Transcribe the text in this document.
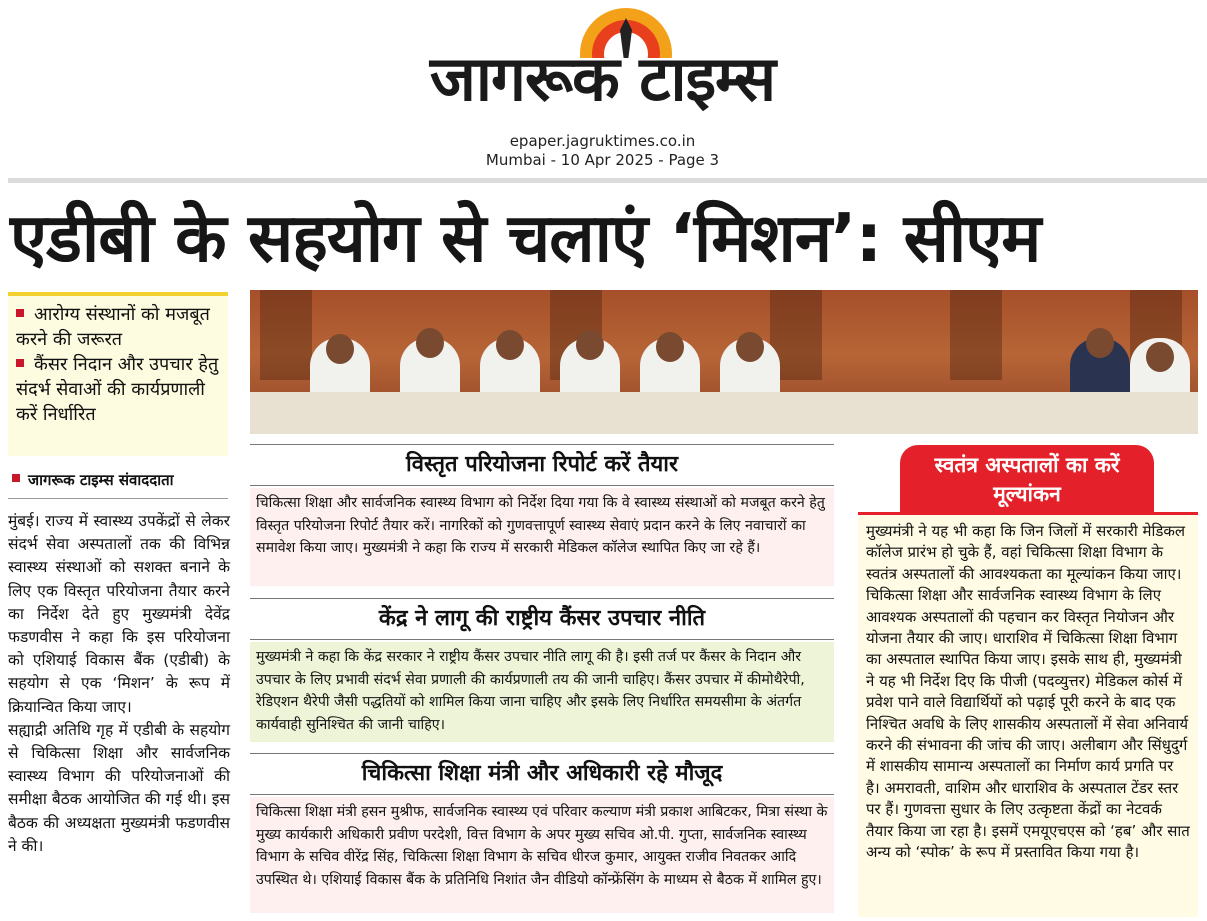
जागरूक टाइम्स
epaper.jagruktimes.co.in
Mumbai - 10 Apr 2025 - Page 3
एडीबी के सहयोग से चलाएं ‘मिशन’: सीएम
आरोग्य संस्थानों को मजबूत करने की जरूरत
कैंसर निदान और उपचार हेतु संदर्भ सेवाओं की कार्यप्रणाली करें निर्धारित
जागरूक टाइम्स संवाददाता

मुंबई। राज्य में स्वास्थ्य उपकेंद्रों से लेकर संदर्भ सेवा अस्पतालों तक की विभिन्न स्वास्थ्य संस्थाओं को सशक्त बनाने के लिए एक विस्तृत परियोजना तैयार करने का निर्देश देते हुए मुख्यमंत्री देवेंद्र फडणवीस ने कहा कि इस परियोजना को एशियाई विकास बैंक (एडीबी) के सहयोग से एक ‘मिशन’ के रूप में क्रियान्वित किया जाए।

सह्याद्री अतिथि गृह में एडीबी के सहयोग से चिकित्सा शिक्षा और सार्वजनिक स्वास्थ्य विभाग की परियोजनाओं की समीक्षा बैठक आयोजित की गई थी। इस बैठक की अध्यक्षता मुख्यमंत्री फडणवीस ने की।

विस्तृत परियोजना रिपोर्ट करें तैयार
चिकित्सा शिक्षा और सार्वजनिक स्वास्थ्य विभाग को निर्देश दिया गया कि वे स्वास्थ्य संस्थाओं को मजबूत करने हेतु विस्तृत परियोजना रिपोर्ट तैयार करें। नागरिकों को गुणवत्तापूर्ण स्वास्थ्य सेवाएं प्रदान करने के लिए नवाचारों का समावेश किया जाए। मुख्यमंत्री ने कहा कि राज्य में सरकारी मेडिकल कॉलेज स्थापित किए जा रहे हैं।
केंद्र ने लागू की राष्ट्रीय कैंसर उपचार नीति
मुख्यमंत्री ने कहा कि केंद्र सरकार ने राष्ट्रीय कैंसर उपचार नीति लागू की है। इसी तर्ज पर कैंसर के निदान और उपचार के लिए प्रभावी संदर्भ सेवा प्रणाली की कार्यप्रणाली तय की जानी चाहिए। कैंसर उपचार में कीमोथैरेपी, रेडिएशन थैरेपी जैसी पद्धतियों को शामिल किया जाना चाहिए और इसके लिए निर्धारित समयसीमा के अंतर्गत कार्यवाही सुनिश्चित की जानी चाहिए।
चिकित्सा शिक्षा मंत्री और अधिकारी रहे मौजूद
चिकित्सा शिक्षा मंत्री हसन मुश्रीफ, सार्वजनिक स्वास्थ्य एवं परिवार कल्याण मंत्री प्रकाश आबिटकर, मित्रा संस्था के मुख्य कार्यकारी अधिकारी प्रवीण परदेशी, वित्त विभाग के अपर मुख्य सचिव ओ.पी. गुप्ता, सार्वजनिक स्वास्थ्य विभाग के सचिव वीरेंद्र सिंह, चिकित्सा शिक्षा विभाग के सचिव धीरज कुमार, आयुक्त राजीव निवतकर आदि उपस्थित थे। एशियाई विकास बैंक के प्रतिनिधि निशांत जैन वीडियो कॉन्फ्रेंसिंग के माध्यम से बैठक में शामिल हुए।
स्वतंत्र अस्पतालों का करें मूल्यांकन
मुख्यमंत्री ने यह भी कहा कि जिन जिलों में सरकारी मेडिकल कॉलेज प्रारंभ हो चुके हैं, वहां चिकित्सा शिक्षा विभाग के स्वतंत्र अस्पतालों की आवश्यकता का मूल्यांकन किया जाए। चिकित्सा शिक्षा और सार्वजनिक स्वास्थ्य विभाग के लिए आवश्यक अस्पतालों की पहचान कर विस्तृत नियोजन और योजना तैयार की जाए। धाराशिव में चिकित्सा शिक्षा विभाग का अस्पताल स्थापित किया जाए। इसके साथ ही, मुख्यमंत्री ने यह भी निर्देश दिए कि पीजी (पदव्युत्तर) मेडिकल कोर्स में प्रवेश पाने वाले विद्यार्थियों को पढ़ाई पूरी करने के बाद एक निश्चित अवधि के लिए शासकीय अस्पतालों में सेवा अनिवार्य करने की संभावना की जांच की जाए। अलीबाग और सिंधुदुर्ग में शासकीय सामान्य अस्पतालों का निर्माण कार्य प्रगति पर है। अमरावती, वाशिम और धाराशिव के अस्पताल टेंडर स्तर पर हैं। गुणवत्ता सुधार के लिए उत्कृष्टता केंद्रों का नेटवर्क तैयार किया जा रहा है। इसमें एमयूएचएस को ‘हब’ और सात अन्य को ‘स्पोक’ के रूप में प्रस्तावित किया गया है।
